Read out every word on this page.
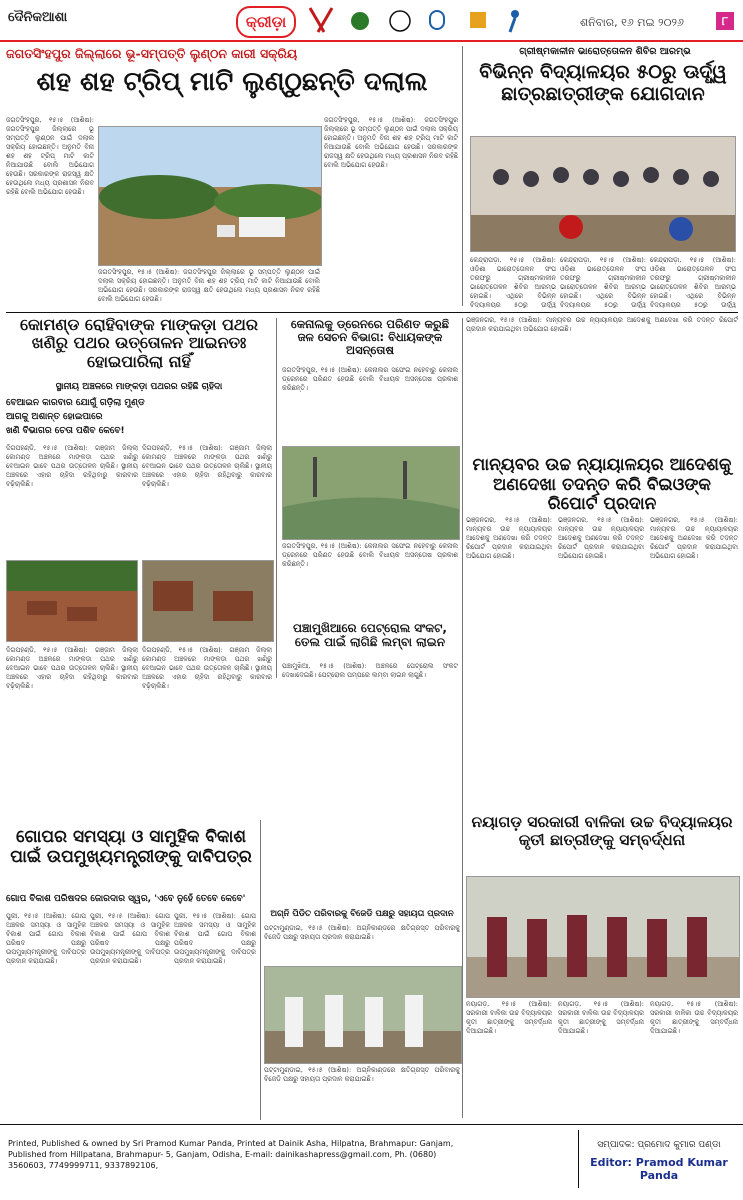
ଦୈନିକଆଶା	କ୍ରୀଡ଼ା	ଶନିବାର, ୧୬ ମଇ ୨୦୨୬	୮
ଜଗତସିଂହପୁର ଜିଲ୍ଲାରେ ଭୂ-ସମ୍ପତ୍ତି ଲୁଣ୍ଠନ କାରୀ ସକ୍ରିୟ
ଶହ ଶହ ଟ୍ରିପ୍ ମାଟି ଲୁଣ୍ଠୁଛନ୍ତି ଦଲାଲ
ଜଗତସିଂହପୁର, ୧୫।୫ (ଆଶିଷ): ଜଗତସିଂହପୁର ଜିଲ୍ଲାରେ ଭୂ ସମ୍ପତ୍ତି ଲୁଣ୍ଠନ ପାଇଁ ଦଲାଲ ସକ୍ରିୟ ହୋଇଛନ୍ତି। ଅନୁମତି ବିନା ଶହ ଶହ ଟ୍ରିପ୍ ମାଟି କାଟି ନିଆଯାଉଛି ବୋଲି ଅଭିଯୋଗ ହେଉଛି। ସରକାରଙ୍କ ରାଜସ୍ୱ କ୍ଷତି ହେଉଥିଲେ ମଧ୍ୟ ପ୍ରଶାସନ ନିରବ ରହିଛି ବୋଲି ଅଭିଯୋଗ ହେଉଛି।
ଜଗତସିଂହପୁର, ୧୫।୫ (ଆଶିଷ): ଜଗତସିଂହପୁର ଜିଲ୍ଲାରେ ଭୂ ସମ୍ପତ୍ତି ଲୁଣ୍ଠନ ପାଇଁ ଦଲାଲ ସକ୍ରିୟ ହୋଇଛନ୍ତି। ଅନୁମତି ବିନା ଶହ ଶହ ଟ୍ରିପ୍ ମାଟି କାଟି ନିଆଯାଉଛି ବୋଲି ଅଭିଯୋଗ ହେଉଛି। ସରକାରଙ୍କ ରାଜସ୍ୱ କ୍ଷତି ହେଉଥିଲେ ମଧ୍ୟ ପ୍ରଶାସନ ନିରବ ରହିଛି ବୋଲି ଅଭିଯୋଗ ହେଉଛି।
ଜଗତସିଂହପୁର, ୧୫।୫ (ଆଶିଷ): ଜଗତସିଂହପୁର ଜିଲ୍ଲାରେ ଭୂ ସମ୍ପତ୍ତି ଲୁଣ୍ଠନ ପାଇଁ ଦଲାଲ ସକ୍ରିୟ ହୋଇଛନ୍ତି। ଅନୁମତି ବିନା ଶହ ଶହ ଟ୍ରିପ୍ ମାଟି କାଟି ନିଆଯାଉଛି ବୋଲି ଅଭିଯୋଗ ହେଉଛି। ସରକାରଙ୍କ ରାଜସ୍ୱ କ୍ଷତି ହେଉଥିଲେ ମଧ୍ୟ ପ୍ରଶାସନ ନିରବ ରହିଛି ବୋଲି ଅଭିଯୋଗ ହେଉଛି।
ଗ୍ରୀଷ୍ମକାଳୀନ ଭାରୋତ୍ତୋଳନ ଶିବିର ଆରମ୍ଭ
ବିଭିନ୍ନ ବିଦ୍ୟାଳୟର ୫୦ରୁ ଊର୍ଦ୍ଧ୍ୱ ଛାତ୍ରଛାତ୍ରୀଙ୍କ ଯୋଗଦାନ
କେନ୍ଦ୍ରାପଡ଼ା, ୧୫।୫ (ଆଶିଷ): ଓଡ଼ିଶା ଭାରୋତ୍ତୋଳନ ସଂଘ ତରଫରୁ ଗ୍ରୀଷ୍ମକାଳୀନ ଭାରୋତ୍ତୋଳନ ଶିବିର ଆରମ୍ଭ ହୋଇଛି। ଏଥିରେ ବିଭିନ୍ନ ବିଦ୍ୟାଳୟର ୫୦ରୁ ଊର୍ଦ୍ଧ୍ୱ
କେନ୍ଦ୍ରାପଡ଼ା, ୧୫।୫ (ଆଶିଷ): ଓଡ଼ିଶା ଭାରୋତ୍ତୋଳନ ସଂଘ ତରଫରୁ ଗ୍ରୀଷ୍ମକାଳୀନ ଭାରୋତ୍ତୋଳନ ଶିବିର ଆରମ୍ଭ ହୋଇଛି। ଏଥିରେ ବିଭିନ୍ନ ବିଦ୍ୟାଳୟର ୫୦ରୁ ଊର୍ଦ୍ଧ୍ୱ
କେନ୍ଦ୍ରାପଡ଼ା, ୧୫।୫ (ଆଶିଷ): ଓଡ଼ିଶା ଭାରୋତ୍ତୋଳନ ସଂଘ ତରଫରୁ ଗ୍ରୀଷ୍ମକାଳୀନ ଭାରୋତ୍ତୋଳନ ଶିବିର ଆରମ୍ଭ ହୋଇଛି। ଏଥିରେ ବିଭିନ୍ନ ବିଦ୍ୟାଳୟର ୫୦ରୁ ଊର୍ଦ୍ଧ୍ୱ
କୋମଣ୍ଡ ରୋହିବାଙ୍କ ମାଙ୍କଡ଼ା ପଥର ଖଣିରୁ ପଥର ଉତ୍ତୋଳନ ଆଇନତଃ ହୋଇପାରିଲା ନାହିଁ
ସ୍ଥାନୀୟ ଅଞ୍ଚଳରେ ମାଙ୍କଡ଼ା ପଥରର ରହିଛି ଚାହିଦା
ବେଆଇନ କାରବାର ଯୋଗୁଁ ଗଡ଼ିଲା ମୁଣ୍ଡ
ଆଗକୁ ଅଶାନ୍ତ ହୋଇପାରେ
ଖଣି ବିଭାଗର ଚେତା ପଶିବ କେବେ!
ଦିଗପହଣ୍ଡି, ୧୫।୫ (ଆଶିଷ): ଗଞ୍ଜାମ ଜିଲ୍ଲା କୋମଣ୍ଡ ଅଞ୍ଚଳରେ ମାଙ୍କଡ଼ା ପଥର ଖଣିରୁ ବେଆଇନ ଭାବେ ପଥର ଉତ୍ତୋଳନ ଚାଲିଛି। ସ୍ଥାନୀୟ ଅଞ୍ଚଳରେ ଏହାର ଚାହିଦା ରହିଥିବାରୁ କାରବାର ବଢ଼ିଚାଲିଛି।
ଦିଗପହଣ୍ଡି, ୧୫।୫ (ଆଶିଷ): ଗଞ୍ଜାମ ଜିଲ୍ଲା କୋମଣ୍ଡ ଅଞ୍ଚଳରେ ମାଙ୍କଡ଼ା ପଥର ଖଣିରୁ ବେଆଇନ ଭାବେ ପଥର ଉତ୍ତୋଳନ ଚାଲିଛି। ସ୍ଥାନୀୟ ଅଞ୍ଚଳରେ ଏହାର ଚାହିଦା ରହିଥିବାରୁ କାରବାର ବଢ଼ିଚାଲିଛି।
ଦିଗପହଣ୍ଡି, ୧୫।୫ (ଆଶିଷ): ଗଞ୍ଜାମ ଜିଲ୍ଲା କୋମଣ୍ଡ ଅଞ୍ଚଳରେ ମାଙ୍କଡ଼ା ପଥର ଖଣିରୁ ବେଆଇନ ଭାବେ ପଥର ଉତ୍ତୋଳନ ଚାଲିଛି। ସ୍ଥାନୀୟ ଅଞ୍ଚଳରେ ଏହାର ଚାହିଦା ରହିଥିବାରୁ କାରବାର ବଢ଼ିଚାଲିଛି।
ଦିଗପହଣ୍ଡି, ୧୫।୫ (ଆଶିଷ): ଗଞ୍ଜାମ ଜିଲ୍ଲା କୋମଣ୍ଡ ଅଞ୍ଚଳରେ ମାଙ୍କଡ଼ା ପଥର ଖଣିରୁ ବେଆଇନ ଭାବେ ପଥର ଉତ୍ତୋଳନ ଚାଲିଛି। ସ୍ଥାନୀୟ ଅଞ୍ଚଳରେ ଏହାର ଚାହିଦା ରହିଥିବାରୁ କାରବାର ବଢ଼ିଚାଲିଛି।
କେନାଲକୁ ଡ୍ରେନରେ ପରିଣତ କରୁଛି ଜଳ ସେଚନ ବିଭାଗ: ବିଧାୟକଙ୍କ ଅସନ୍ତୋଷ
ଜଗତସିଂହପୁର, ୧୫।୫ (ଆଶିଷ): କେନାଲର ସଫେଇ ନହେବାରୁ କେନାଲ ଡ୍ରେନରେ ପରିଣତ ହେଉଛି ବୋଲି ବିଧାୟକ ଅସନ୍ତୋଷ ପ୍ରକାଶ କରିଛନ୍ତି।
ଜଗତସିଂହପୁର, ୧୫।୫ (ଆଶିଷ): କେନାଲର ସଫେଇ ନହେବାରୁ କେନାଲ ଡ୍ରେନରେ ପରିଣତ ହେଉଛି ବୋଲି ବିଧାୟକ ଅସନ୍ତୋଷ ପ୍ରକାଶ କରିଛନ୍ତି।
ପଞ୍ଚାମୁଖିଆରେ ପେଟ୍ରୋଲ ସଂକଟ, ତେଲ ପାଇଁ ଲାଗିଛି ଲମ୍ବା ଲାଇନ
ପଞ୍ଚାମୁଖିଆ, ୧୫।୫ (ଆଶିଷ): ଅଞ୍ଚଳରେ ପେଟ୍ରୋଲ ସଂକଟ ଦେଖାଦେଇଛି। ପେଟ୍ରୋଲ ପମ୍ପରେ ଲମ୍ବା ଲାଇନ ଲାଗୁଛି।
ମାନ୍ୟବର ଉଚ୍ଚ ନ୍ୟାୟାଳୟର ଆଦେଶକୁ ଅଣଦେଖା ତଦନ୍ତ କରି ବିଇଓଙ୍କ ରିପୋର୍ଟ ପ୍ରଦାନ
ଭଞ୍ଜନଗର, ୧୫।୫ (ଆଶିଷ): ମାନ୍ୟବର ଉଚ୍ଚ ନ୍ୟାୟାଳୟର ଆଦେଶକୁ ଅଣଦେଖା କରି ତଦନ୍ତ ରିପୋର୍ଟ ପ୍ରଦାନ କରାଯାଇଥିବା ଅଭିଯୋଗ ହୋଇଛି।
ଭଞ୍ଜନଗର, ୧୫।୫ (ଆଶିଷ): ମାନ୍ୟବର ଉଚ୍ଚ ନ୍ୟାୟାଳୟର ଆଦେଶକୁ ଅଣଦେଖା କରି ତଦନ୍ତ ରିପୋର୍ଟ ପ୍ରଦାନ କରାଯାଇଥିବା ଅଭିଯୋଗ ହୋଇଛି।
ଭଞ୍ଜନଗର, ୧୫।୫ (ଆଶିଷ): ମାନ୍ୟବର ଉଚ୍ଚ ନ୍ୟାୟାଳୟର ଆଦେଶକୁ ଅଣଦେଖା କରି ତଦନ୍ତ ରିପୋର୍ଟ ପ୍ରଦାନ କରାଯାଇଥିବା ଅଭିଯୋଗ ହୋଇଛି।
ଭଞ୍ଜନଗର, ୧୫।୫ (ଆଶିଷ): ମାନ୍ୟବର ଉଚ୍ଚ ନ୍ୟାୟାଳୟର ଆଦେଶକୁ ଅଣଦେଖା କରି ତଦନ୍ତ ରିପୋର୍ଟ ପ୍ରଦାନ କରାଯାଇଥିବା ଅଭିଯୋଗ ହୋଇଛି।
ନୟାଗଡ଼ ସରକାରୀ ବାଳିକା ଉଚ୍ଚ ବିଦ୍ୟାଳୟର କୃତୀ ଛାତ୍ରୀଙ୍କୁ ସମ୍ବର୍ଦ୍ଧନା
ନୟାଗଡ଼, ୧୫।୫ (ଆଶିଷ): ସରକାରୀ ବାଳିକା ଉଚ୍ଚ ବିଦ୍ୟାଳୟର କୃତୀ ଛାତ୍ରୀଙ୍କୁ ସମ୍ବର୍ଦ୍ଧନା ଦିଆଯାଇଛି।
ନୟାଗଡ଼, ୧୫।୫ (ଆଶିଷ): ସରକାରୀ ବାଳିକା ଉଚ୍ଚ ବିଦ୍ୟାଳୟର କୃତୀ ଛାତ୍ରୀଙ୍କୁ ସମ୍ବର୍ଦ୍ଧନା ଦିଆଯାଇଛି।
ନୟାଗଡ଼, ୧୫।୫ (ଆଶିଷ): ସରକାରୀ ବାଳିକା ଉଚ୍ଚ ବିଦ୍ୟାଳୟର କୃତୀ ଛାତ୍ରୀଙ୍କୁ ସମ୍ବର୍ଦ୍ଧନା ଦିଆଯାଇଛି।
ଗୋପର ସମସ୍ୟା ଓ ସାମୁହିକ ବିକାଶ ପାଇଁ ଉପମୁଖ୍ୟମନ୍ତ୍ରୀଙ୍କୁ ଦାବିପତ୍ର
ଗୋପ ବିକାଶ ପରିଷଦର ଜୋରଦାର ସ୍ୱର, 'ଏବେ ନୁହେଁ ତେବେ କେବେ'
ପୁରୀ, ୧୫।୫ (ଆଶିଷ): ଗୋପ ଅଞ୍ଚଳର ସମସ୍ୟା ଓ ସାମୁହିକ ବିକାଶ ପାଇଁ ଗୋପ ବିକାଶ ପରିଷଦ ପକ୍ଷରୁ ଉପମୁଖ୍ୟମନ୍ତ୍ରୀଙ୍କୁ ଦାବିପତ୍ର ପ୍ରଦାନ କରାଯାଇଛି।
ପୁରୀ, ୧୫।୫ (ଆଶିଷ): ଗୋପ ଅଞ୍ଚଳର ସମସ୍ୟା ଓ ସାମୁହିକ ବିକାଶ ପାଇଁ ଗୋପ ବିକାଶ ପରିଷଦ ପକ୍ଷରୁ ଉପମୁଖ୍ୟମନ୍ତ୍ରୀଙ୍କୁ ଦାବିପତ୍ର ପ୍ରଦାନ କରାଯାଇଛି।
ପୁରୀ, ୧୫।୫ (ଆଶିଷ): ଗୋପ ଅଞ୍ଚଳର ସମସ୍ୟା ଓ ସାମୁହିକ ବିକାଶ ପାଇଁ ଗୋପ ବିକାଶ ପରିଷଦ ପକ୍ଷରୁ ଉପମୁଖ୍ୟମନ୍ତ୍ରୀଙ୍କୁ ଦାବିପତ୍ର ପ୍ରଦାନ କରାଯାଇଛି।
ଅଗ୍ନି ପିଡିତ ପରିବାରକୁ ବିଜେଡି ପକ୍ଷରୁ ସହାୟତା ପ୍ରଦାନ
ପଟ୍ଟାମୁଣ୍ଡାଇ, ୧୫।୫ (ଆଶିଷ): ଅଗ୍ନିକାଣ୍ଡରେ କ୍ଷତିଗ୍ରସ୍ତ ପରିବାରକୁ ବିଜେଡି ପକ୍ଷରୁ ସହାୟତା ପ୍ରଦାନ କରାଯାଇଛି।
ପଟ୍ଟାମୁଣ୍ଡାଇ, ୧୫।୫ (ଆଶିଷ): ଅଗ୍ନିକାଣ୍ଡରେ କ୍ଷତିଗ୍ରସ୍ତ ପରିବାରକୁ ବିଜେଡି ପକ୍ଷରୁ ସହାୟତା ପ୍ରଦାନ କରାଯାଇଛି।
Printed, Published & owned by Sri Pramod Kumar Panda, Printed at Dainik Asha, Hilpatna, Brahmapur: Ganjam,
Published from Hillpatana, Brahmapur- 5, Ganjam, Odisha, E-mail: dainikashapress@gmail.com, Ph. (0680) 3560603, 7749999711, 9337892106,
ସମ୍ପାଦକ: ପ୍ରମୋଦ କୁମାର ପଣ୍ଡା
Editor: Pramod Kumar Panda
